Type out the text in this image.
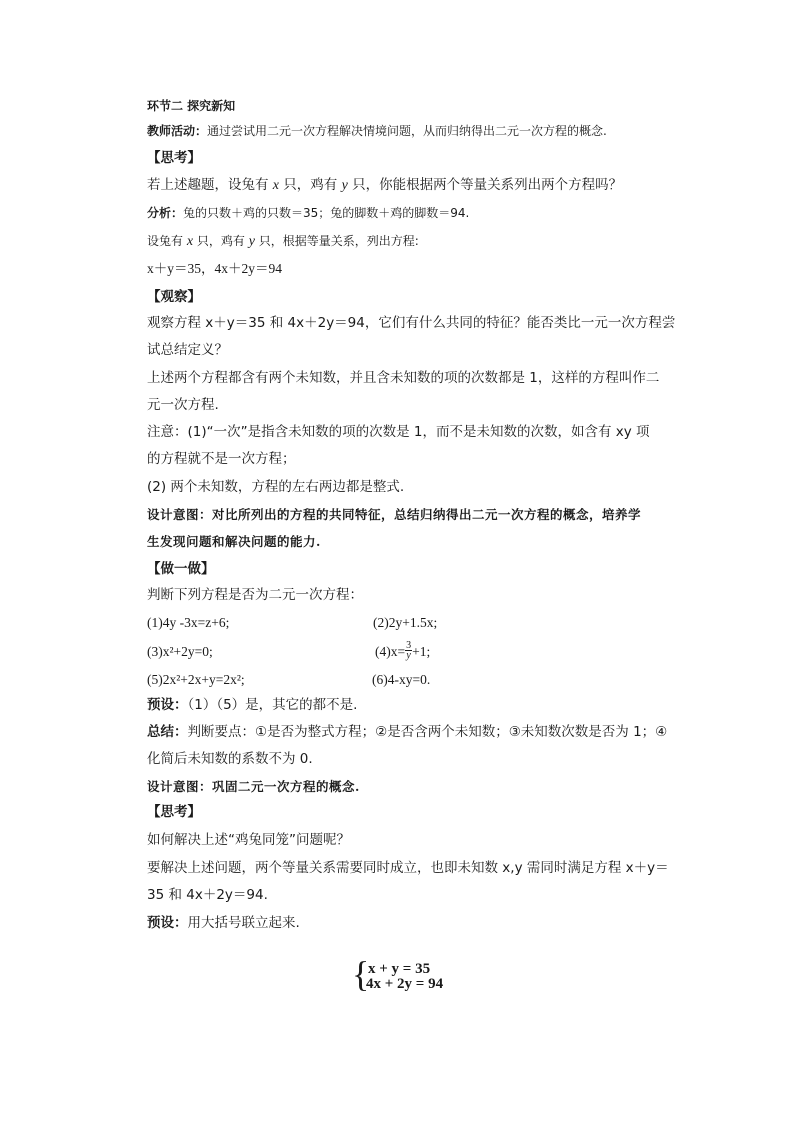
环节二 探究新知
教师活动：通过尝试用二元一次方程解决情境问题，从而归纳得出二元一次方程的概念.
【思考】
若上述趣题，设兔有 x 只，鸡有 y 只，你能根据两个等量关系列出两个方程吗？
分析：兔的只数＋鸡的只数＝35；兔的脚数＋鸡的脚数＝94.
设兔有 x 只，鸡有 y 只，根据等量关系，列出方程:
x＋y＝35，4x＋2y＝94
【观察】
观察方程 x＋y＝35 和 4x＋2y＝94，它们有什么共同的特征？能否类比一元一次方程尝
试总结定义？
上述两个方程都含有两个未知数，并且含未知数的项的次数都是 1，这样的方程叫作二
元一次方程.
注意：(1)“一次”是指含未知数的项的次数是 1，而不是未知数的次数，如含有 xy 项
的方程就不是一次方程；
(2) 两个未知数，方程的左右两边都是整式.
设计意图：对比所列出的方程的共同特征，总结归纳得出二元一次方程的概念，培养学
生发现问题和解决问题的能力.
【做一做】
判断下列方程是否为二元一次方程：
(1)4y -3x=z+6;	(2)2y+1.5x;
(3)x²+2y=0;	$(4)x= \frac{3}{y} +1$;
(5)2x²+2x+y=2x²;	(6)4-xy=0.
预设：（1）（5）是，其它的都不是.
总结：判断要点：①是否为整式方程；②是否含两个未知数；③未知数次数是否为 1；④
化简后未知数的系数不为 0.
设计意图：巩固二元一次方程的概念.
【思考】
如何解决上述“鸡兔同笼”问题呢？
要解决上述问题，两个等量关系需要同时成立，也即未知数 x,y 需同时满足方程 x＋y＝
35 和 4x＋2y＝94.
预设：用大括号联立起来.
{
x + y = 35
4x + 2y = 94
